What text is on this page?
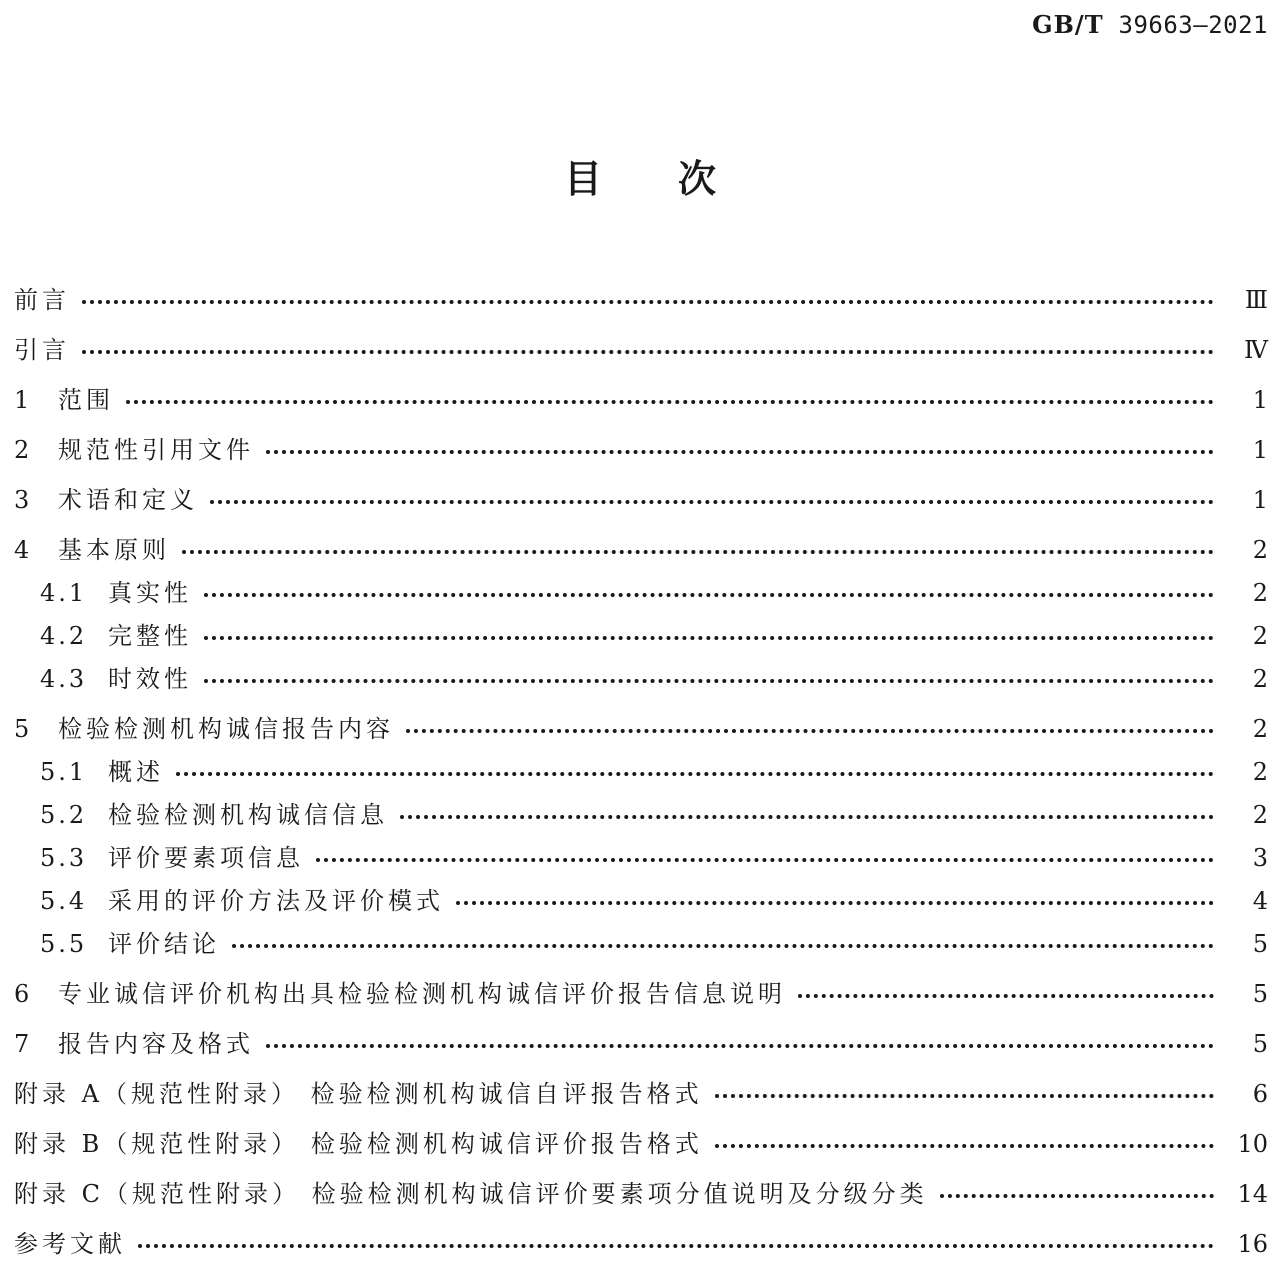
GB/T 39663—2021
目次
前言	Ⅲ
引言	Ⅳ
1	范围	1
2	规范性引用文件	1
3	术语和定义	1
4	基本原则	2
4.1 真实性	2
4.2 完整性	2
4.3 时效性	2
5	检验检测机构诚信报告内容	2
5.1 概述	2
5.2 检验检测机构诚信信息	2
5.3 评价要素项信息	3
5.4 采用的评价方法及评价模式	4
5.5 评价结论	5
6	专业诚信评价机构出具检验检测机构诚信评价报告信息说明	5
7	报告内容及格式	5
附录 A（规范性附录） 检验检测机构诚信自评报告格式	6
附录 B（规范性附录） 检验检测机构诚信评价报告格式	10
附录 C（规范性附录） 检验检测机构诚信评价要素项分值说明及分级分类	14
参考文献	16
